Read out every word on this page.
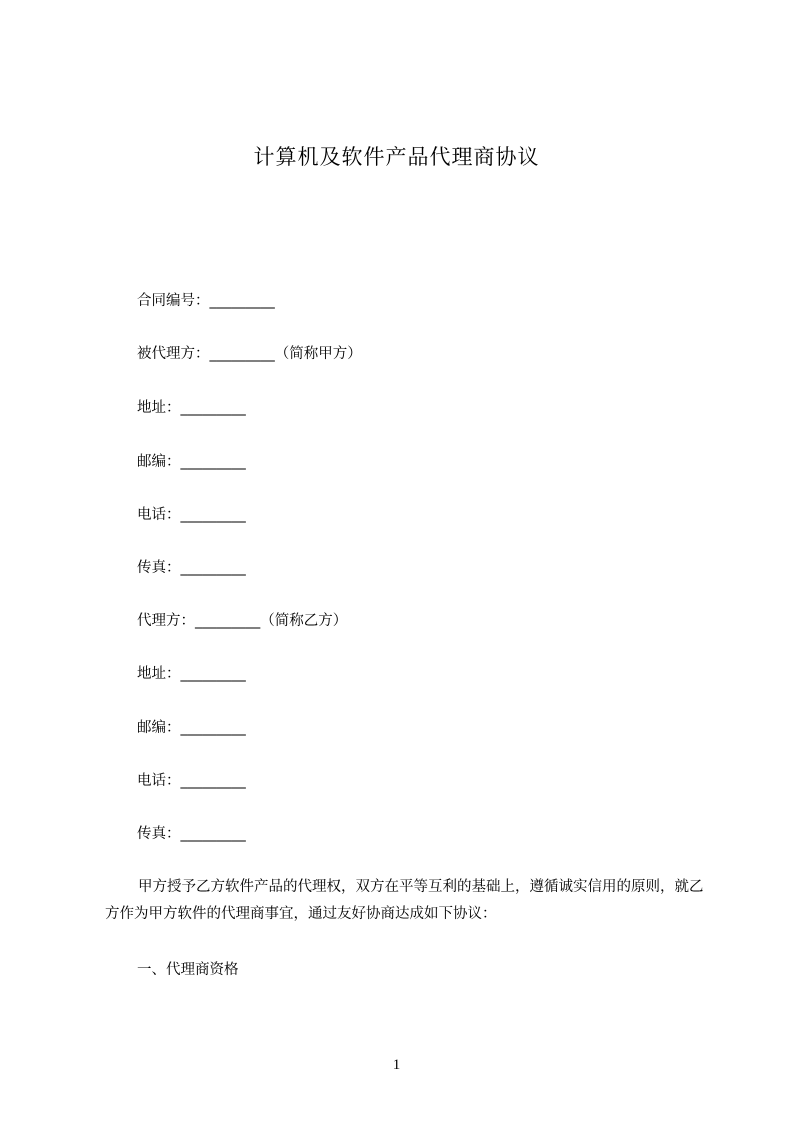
计算机及软件产品代理商协议
合同编号：_________
被代理方：_________（简称甲方）
地址：_________
邮编：_________
电话：_________
传真：_________
代理方：_________（简称乙方）
地址：_________
邮编：_________
电话：_________
传真：_________

甲方授予乙方软件产品的代理权，双方在平等互利的基础上，遵循诚实信用的原则，就乙方作为甲方软件的代理商事宜，通过友好协商达成如下协议：

一、代理商资格
1
